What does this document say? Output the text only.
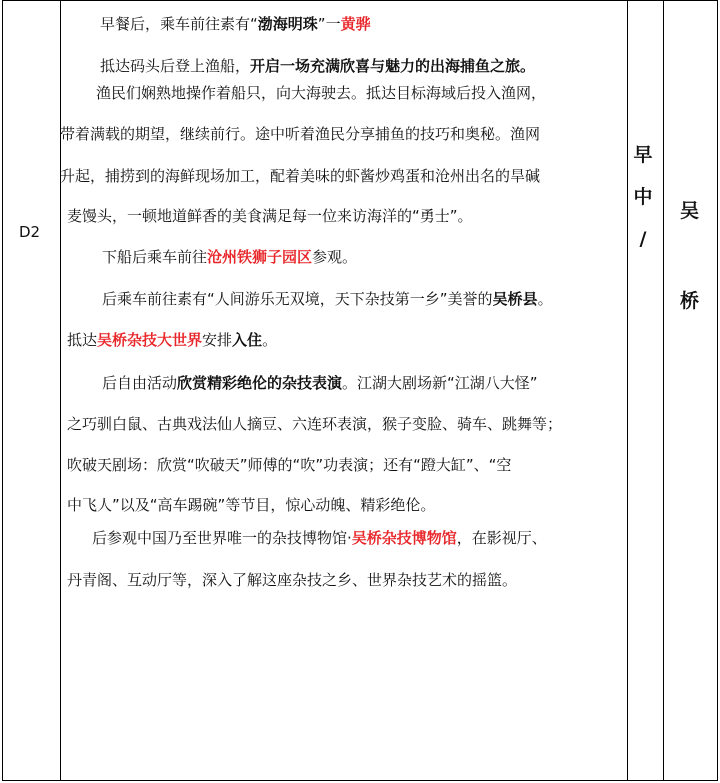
D2
早
中
/
吴
桥
早餐后，乘车前往素有“渤海明珠”一黄骅
抵达码头后登上渔船，开启一场充满欣喜与魅力的出海捕鱼之旅。
渔民们娴熟地操作着船只，向大海驶去。抵达目标海域后投入渔网，
带着满载的期望，继续前行。途中听着渔民分享捕鱼的技巧和奥秘。渔网
升起，捕捞到的海鲜现场加工，配着美味的虾酱炒鸡蛋和沧州出名的旱碱
麦馒头，一顿地道鲜香的美食满足每一位来访海洋的“勇士”。
下船后乘车前往沧州铁狮子园区参观。
后乘车前往素有“人间游乐无双境，天下杂技第一乡”美誉的吴桥县。
抵达吴桥杂技大世界安排入住。
后自由活动欣赏精彩绝伦的杂技表演。江湖大剧场新“江湖八大怪”
之巧驯白鼠、古典戏法仙人摘豆、六连环表演，猴子变脸、骑车、跳舞等；
吹破天剧场：欣赏“吹破天”师傅的“吹”功表演；还有“蹬大缸”、“空
中飞人”以及“高车踢碗”等节目，惊心动魄、精彩绝伦。
后参观中国乃至世界唯一的杂技博物馆·吴桥杂技博物馆，在影视厅、
丹青阁、互动厅等，深入了解这座杂技之乡、世界杂技艺术的摇篮。
